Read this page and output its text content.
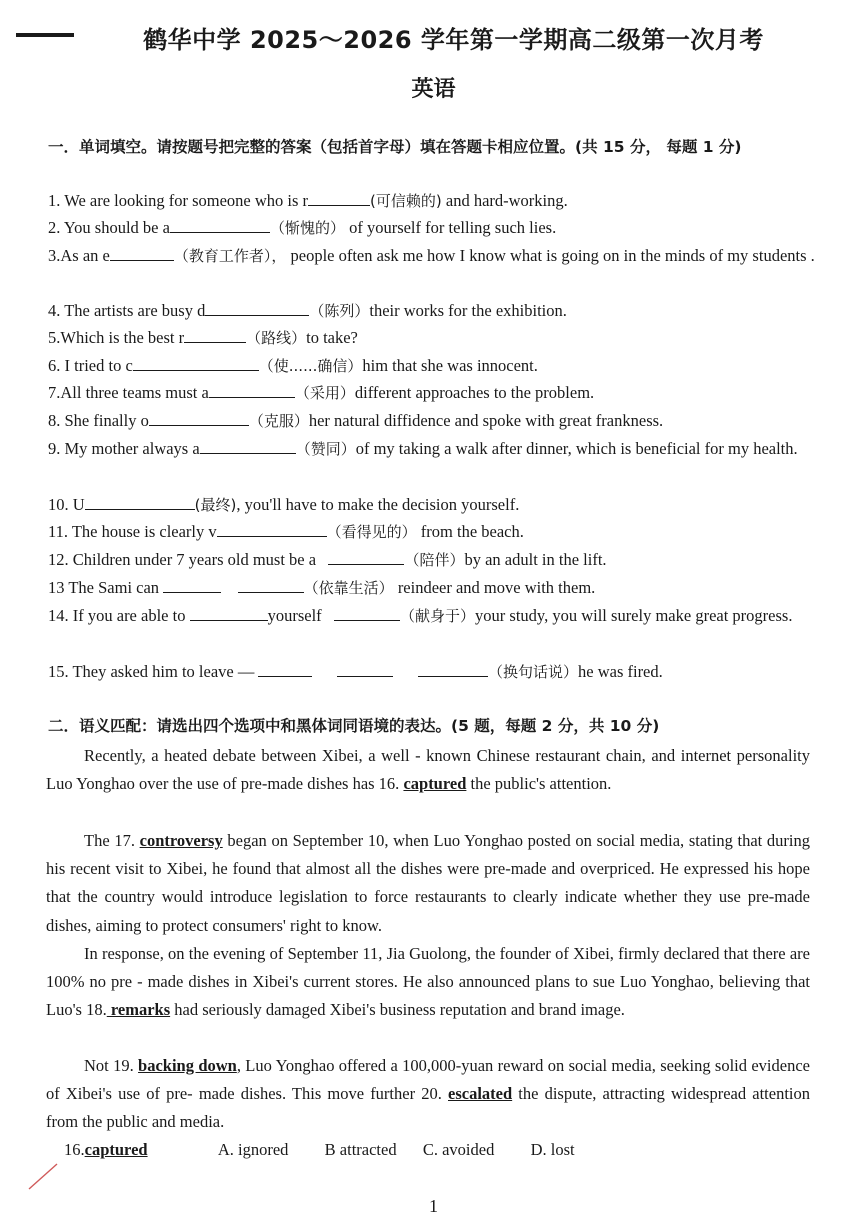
鹤华中学 2025～2026 学年第一学期高二级第一次月考
英语
一．单词填空。请按题号把完整的答案（包括首字母）填在答题卡相应位置。(共 15 分， 每题 1 分)
1. We are looking for someone who is r	(可信赖的) and hard-working.
2. You should be a	（惭愧的） of yourself for telling such lies.
3.As an e	（教育工作者）， people often ask me how I know what is going on in the minds of my students .
4. The artists are busy d	（陈列）their works for the exhibition.
5.Which is the best r	（路线）to take?
6. I tried to c	（使......确信）him that she was innocent.
7.All three teams must a	（采用）different approaches to the problem.
8. She finally o	（克服）her natural diffidence and spoke with great frankness.
9. My mother always a	（赞同）of my taking a walk after dinner, which is beneficial for my health.
10. U	(最终), you'll have to make the decision yourself.
11. The house is clearly v	（看得见的） from the beach.
12. Children under 7 years old must be a	（陪伴）by an adult in the lift.
13 The Sami can	（依靠生活） reindeer and move with them.
14. If you are able to	yourself	（献身于）your study, you will surely make great progress.
15. They asked him to leave —	（换句话说）he was fired.
二．语义匹配：请选出四个选项中和黑体词同语境的表达。(5 题，每题 2 分，共 10 分)
Recently, a heated debate between Xibei, a well - known Chinese restaurant chain, and internet personality Luo Yonghao over the use of pre-made dishes has 16. captured the public's attention.
The 17. controversy began on September 10, when Luo Yonghao posted on social media, stating that during his recent visit to Xibei, he found that almost all the dishes were pre-made and overpriced. He expressed his hope that the country would introduce legislation to force restaurants to clearly indicate whether they use pre-made dishes, aiming to protect consumers' right to know.
In response, on the evening of September 11, Jia Guolong, the founder of Xibei, firmly declared that there are 100% no pre - made dishes in Xibei's current stores. He also announced plans to sue Luo Yonghao, believing that Luo's 18. remarks had seriously damaged Xibei's business reputation and brand image.
Not 19. backing down, Luo Yonghao offered a 100,000-yuan reward on social media, seeking solid evidence of Xibei's use of pre- made dishes. This move further 20. escalated the dispute, attracting widespread attention from the public and media.
16.captured	A. ignored B attracted C. avoided D. lost
1
